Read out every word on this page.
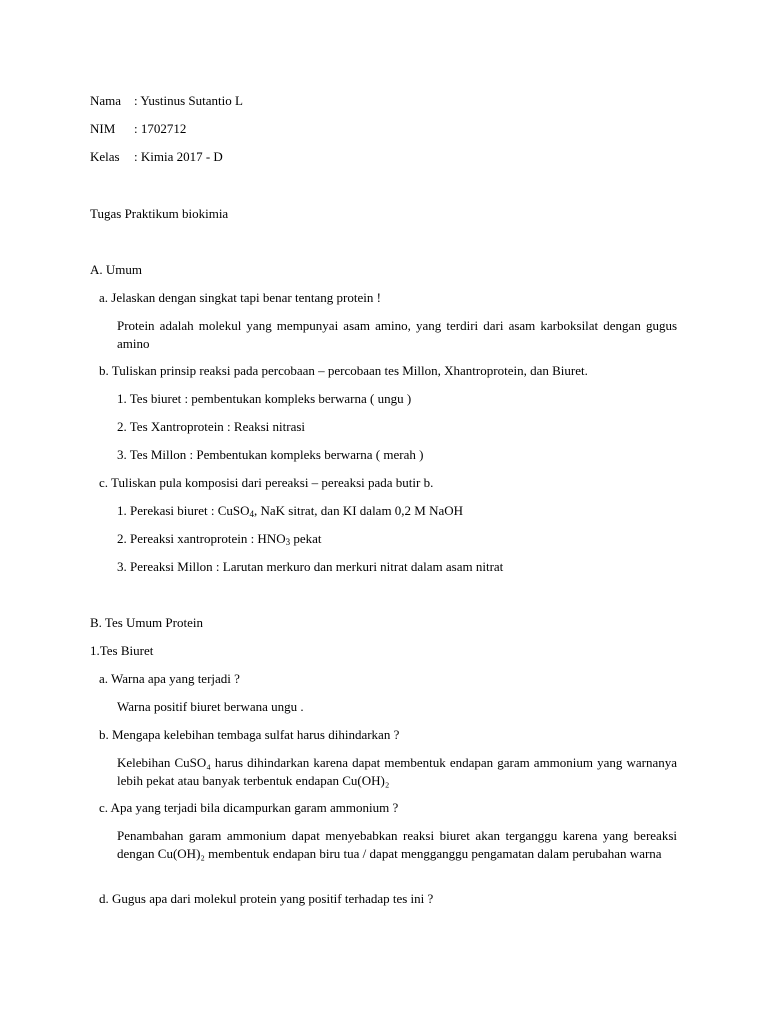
Nama : Yustinus Sutantio L
NIM : 1702712
Kelas : Kimia 2017 - D
Tugas Praktikum biokimia
A. Umum
a. Jelaskan dengan singkat tapi benar tentang protein !
Protein adalah molekul yang mempunyai asam amino, yang terdiri dari asam karboksilat dengan gugus amino
b. Tuliskan prinsip reaksi pada percobaan – percobaan tes Millon, Xhantroprotein, dan Biuret.
1. Tes biuret : pembentukan kompleks berwarna ( ungu )
2. Tes Xantroprotein : Reaksi nitrasi
3. Tes Millon : Pembentukan kompleks berwarna ( merah )
c. Tuliskan pula komposisi dari pereaksi – pereaksi pada butir b.
1. Perekasi biuret : CuSO$_4$, NaK sitrat, dan KI dalam 0,2 M NaOH
2. Pereaksi xantroprotein : $HNO_3$ pekat
3. Pereaksi Millon : Larutan merkuro dan merkuri nitrat dalam asam nitrat
B. Tes Umum Protein
1.Tes Biuret
a. Warna apa yang terjadi ?
Warna positif biuret berwana ungu .
b. Mengapa kelebihan tembaga sulfat harus dihindarkan ?
Kelebihan CuSO₄ harus dihindarkan karena dapat membentuk endapan garam ammonium yang warnanya lebih pekat atau banyak terbentuk endapan Cu(OH)₂
c. Apa yang terjadi bila dicampurkan garam ammonium ?
Penambahan garam ammonium dapat menyebabkan reaksi biuret akan terganggu karena yang bereaksi dengan Cu(OH)₂ membentuk endapan biru tua / dapat mengganggu pengamatan dalam perubahan warna
d. Gugus apa dari molekul protein yang positif terhadap tes ini ?
